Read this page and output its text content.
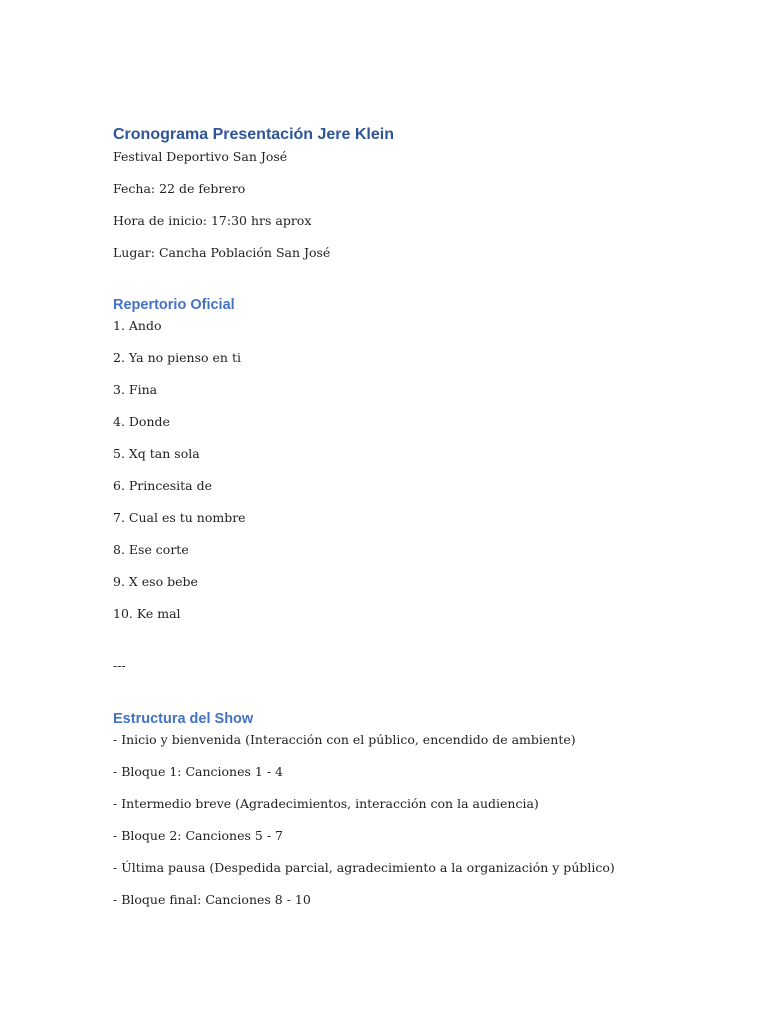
Cronograma Presentación Jere Klein

Festival Deportivo San José

Fecha: 22 de febrero

Hora de inicio: 17:30 hrs aprox

Lugar: Cancha Población San José

Repertorio Oficial
1. Ando
2. Ya no pienso en ti
3. Fina
4. Donde
5. Xq tan sola
6. Princesita de
7. Cual es tu nombre
8. Ese corte
9. X eso bebe
10. Ke mal

---

Estructura del Show
- Inicio y bienvenida (Interacción con el público, encendido de ambiente)
- Bloque 1: Canciones 1 - 4
- Intermedio breve (Agradecimientos, interacción con la audiencia)
- Bloque 2: Canciones 5 - 7
- Última pausa (Despedida parcial, agradecimiento a la organización y público)
- Bloque final: Canciones 8 - 10
